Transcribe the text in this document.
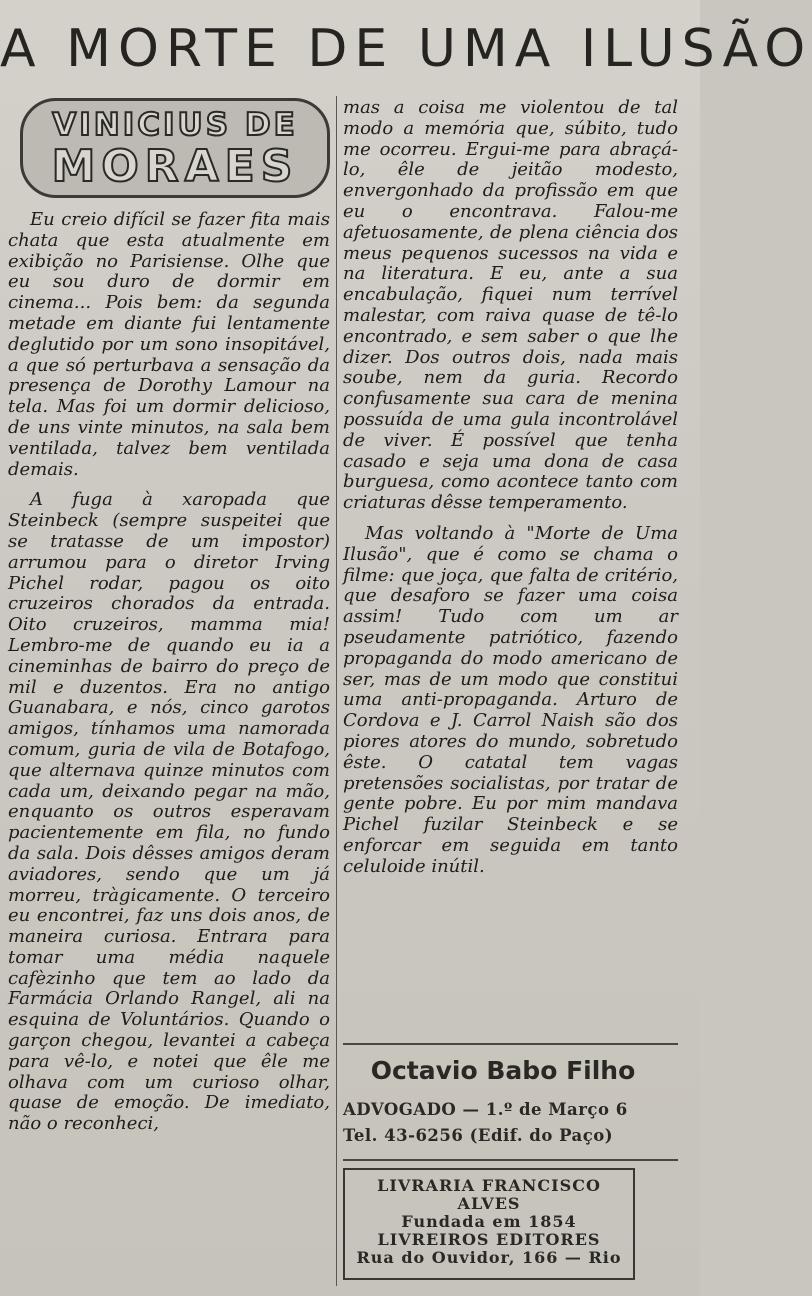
A MORTE DE UMA ILUSÃO
VINICIUS DE
MORAES

Eu creio difícil se fazer fita mais chata que esta atualmente em exibição no Parisiense. Olhe que eu sou duro de dormir em cinema... Pois bem: da segunda metade em diante fui lentamente deglutido por um sono insopitável, a que só perturbava a sensação da presença de Dorothy Lamour na tela. Mas foi um dormir delicioso, de uns vinte minutos, na sala bem ventilada, talvez bem ventilada demais.

A fuga à xaropada que Steinbeck (sempre suspeitei que se tratasse de um impostor) arrumou para o diretor Irving Pichel rodar, pagou os oito cruzeiros chorados da entrada. Oito cruzeiros, mamma mia! Lembro-me de quando eu ia a cineminhas de bairro do preço de mil e duzentos. Era no antigo Guanabara, e nós, cinco garotos amigos, tínhamos uma namorada comum, guria de vila de Botafogo, que alternava quinze minutos com cada um, deixando pegar na mão, enquanto os outros esperavam pacientemente em fila, no fundo da sala. Dois dêsses amigos deram aviadores, sendo que um já morreu, tràgicamente. O terceiro eu encontrei, faz uns dois anos, de maneira curiosa. Entrara para tomar uma média naquele cafèzinho que tem ao lado da Farmácia Orlando Rangel, ali na esquina de Voluntários. Quando o garçon chegou, levantei a cabeça para vê-lo, e notei que êle me olhava com um curioso olhar, quase de emoção. De imediato, não o reconheci,

mas a coisa me violentou de tal modo a memória que, súbito, tudo me ocorreu. Ergui-me para abraçá-lo, êle de jeitão modesto, envergonhado da profissão em que eu o encontrava. Falou-me afetuosamente, de plena ciência dos meus pequenos sucessos na vida e na literatura. E eu, ante a sua encabulação, fiquei num terrível malestar, com raiva quase de tê-lo encontrado, e sem saber o que lhe dizer. Dos outros dois, nada mais soube, nem da guria. Recordo confusamente sua cara de menina possuída de uma gula incontrolável de viver. É possível que tenha casado e seja uma dona de casa burguesa, como acontece tanto com criaturas dêsse temperamento.

Mas voltando à "Morte de Uma Ilusão", que é como se chama o filme: que joça, que falta de critério, que desaforo se fazer uma coisa assim! Tudo com um ar pseudamente patriótico, fazendo propaganda do modo americano de ser, mas de um modo que constitui uma anti-propaganda. Arturo de Cordova e J. Carrol Naish são dos piores atores do mundo, sobretudo êste. O catatal tem vagas pretensões socialistas, por tratar de gente pobre. Eu por mim mandava Pichel fuzilar Steinbeck e se enforcar em seguida em tanto celuloide inútil.

Octavio Babo Filho
ADVOGADO — 1.º de Março 6
Tel. 43-6256 (Edif. do Paço)
LIVRARIA FRANCISCO
ALVES
Fundada em 1854
LIVREIROS EDITORES
Rua do Ouvidor, 166 — Rio
